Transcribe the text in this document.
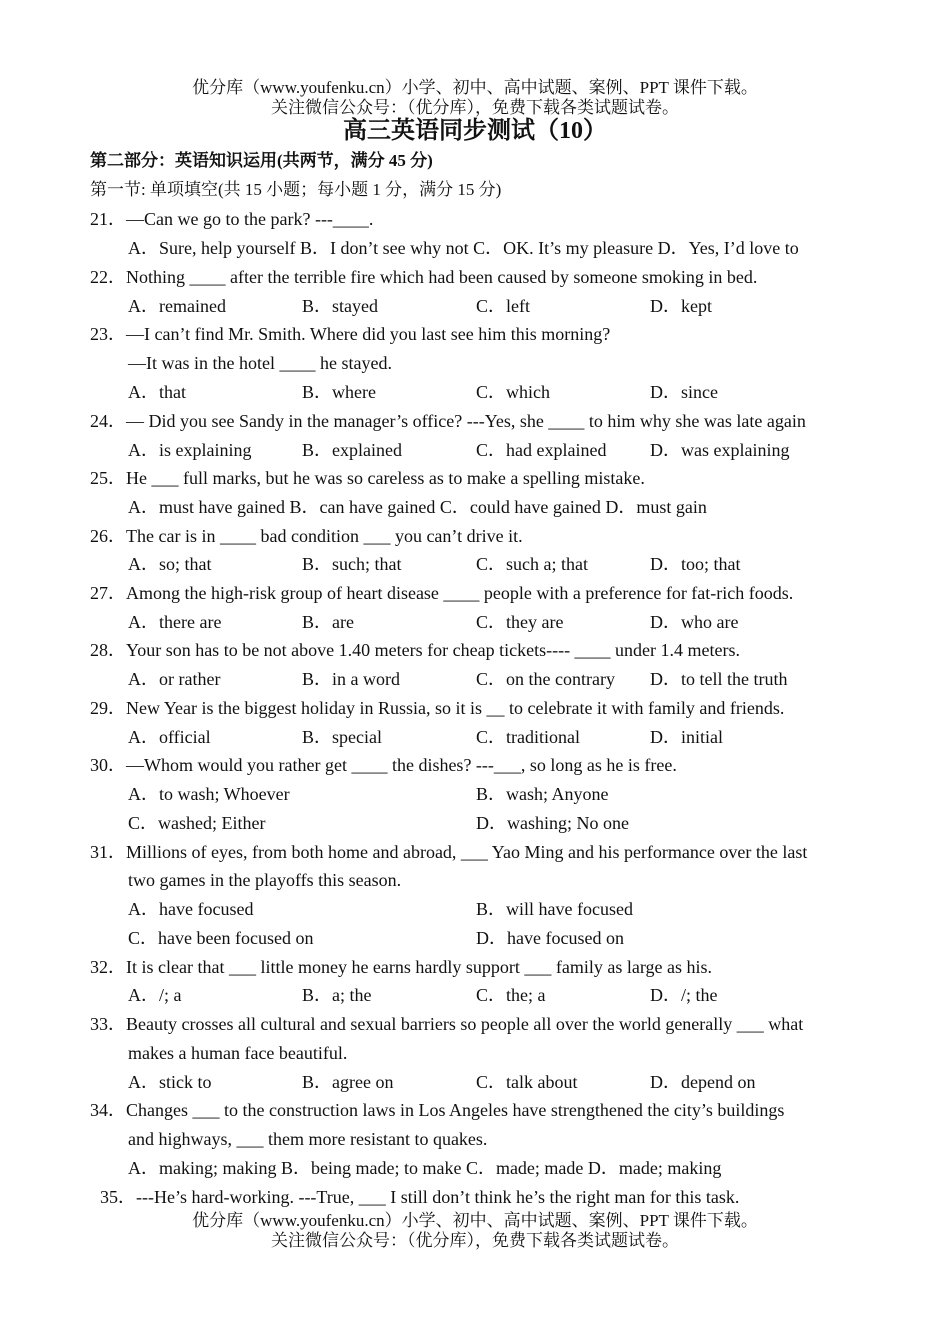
优分库（www.youfenku.cn）小学、初中、高中试题、案例、PPT 课件下载。
关注微信公众号：（优分库），免费下载各类试题试卷。
高三英语同步测试（10）
第二部分：英语知识运用(共两节，满分 45 分)
第一节: 单项填空(共 15 小题；每小题 1 分，满分 15 分)
21．—Can we go to the park? ---____.
A．Sure, help yourself B．I don’t see why not C．OK. It’s my pleasure D．Yes, I’d love to
22．Nothing ____ after the terrible fire which had been caused by someone smoking in bed.
A．remained	B．stayed	C．left	D．kept
23．—I can’t find Mr. Smith. Where did you last see him this morning?
—It was in the hotel ____ he stayed.
A．that	B．where	C．which	D．since
24．— Did you see Sandy in the manager’s office? ---Yes, she ____ to him why she was late again
A．is explaining	B．explained	C．had explained D．was explaining
25．He ___ full marks, but he was so careless as to make a spelling mistake.
A．must have gained B．can have gained C．could have gained D．must gain
26．The car is in ____ bad condition ___ you can’t drive it.
A．so; that	B．such; that	C．such a; that	D．too; that
27．Among the high-risk group of heart disease ____ people with a preference for fat-rich foods.
A．there are	B．are	C．they are	D．who are
28．Your son has to be not above 1.40 meters for cheap tickets---- ____ under 1.4 meters.
A．or rather	B．in a word	C．on the contrary D．to tell the truth
29．New Year is the biggest holiday in Russia, so it is __ to celebrate it with family and friends.
A．official	B．special	C．traditional	D．initial
30．—Whom would you rather get ____ the dishes? ---___, so long as he is free.
A．to wash; Whoever	B．wash; Anyone
C．washed; Either	D．washing; No one
31．Millions of eyes, from both home and abroad, ___ Yao Ming and his performance over the last
two games in the playoffs this season.
A．have focused	B．will have focused
C．have been focused on	D．have focused on
32．It is clear that ___ little money he earns hardly support ___ family as large as his.
A．/; a	B．a; the	C．the; a	D．/; the
33．Beauty crosses all cultural and sexual barriers so people all over the world generally ___ what
makes a human face beautiful.
A．stick to	B．agree on	C．talk about	D．depend on
34．Changes ___ to the construction laws in Los Angeles have strengthened the city’s buildings
and highways, ___ them more resistant to quakes.
A．making; making B．being made; to make C．made; made D．made; making
35．---He’s hard-working. ---True, ___ I still don’t think he’s the right man for this task.
优分库（www.youfenku.cn）小学、初中、高中试题、案例、PPT 课件下载。
关注微信公众号：（优分库），免费下载各类试题试卷。
